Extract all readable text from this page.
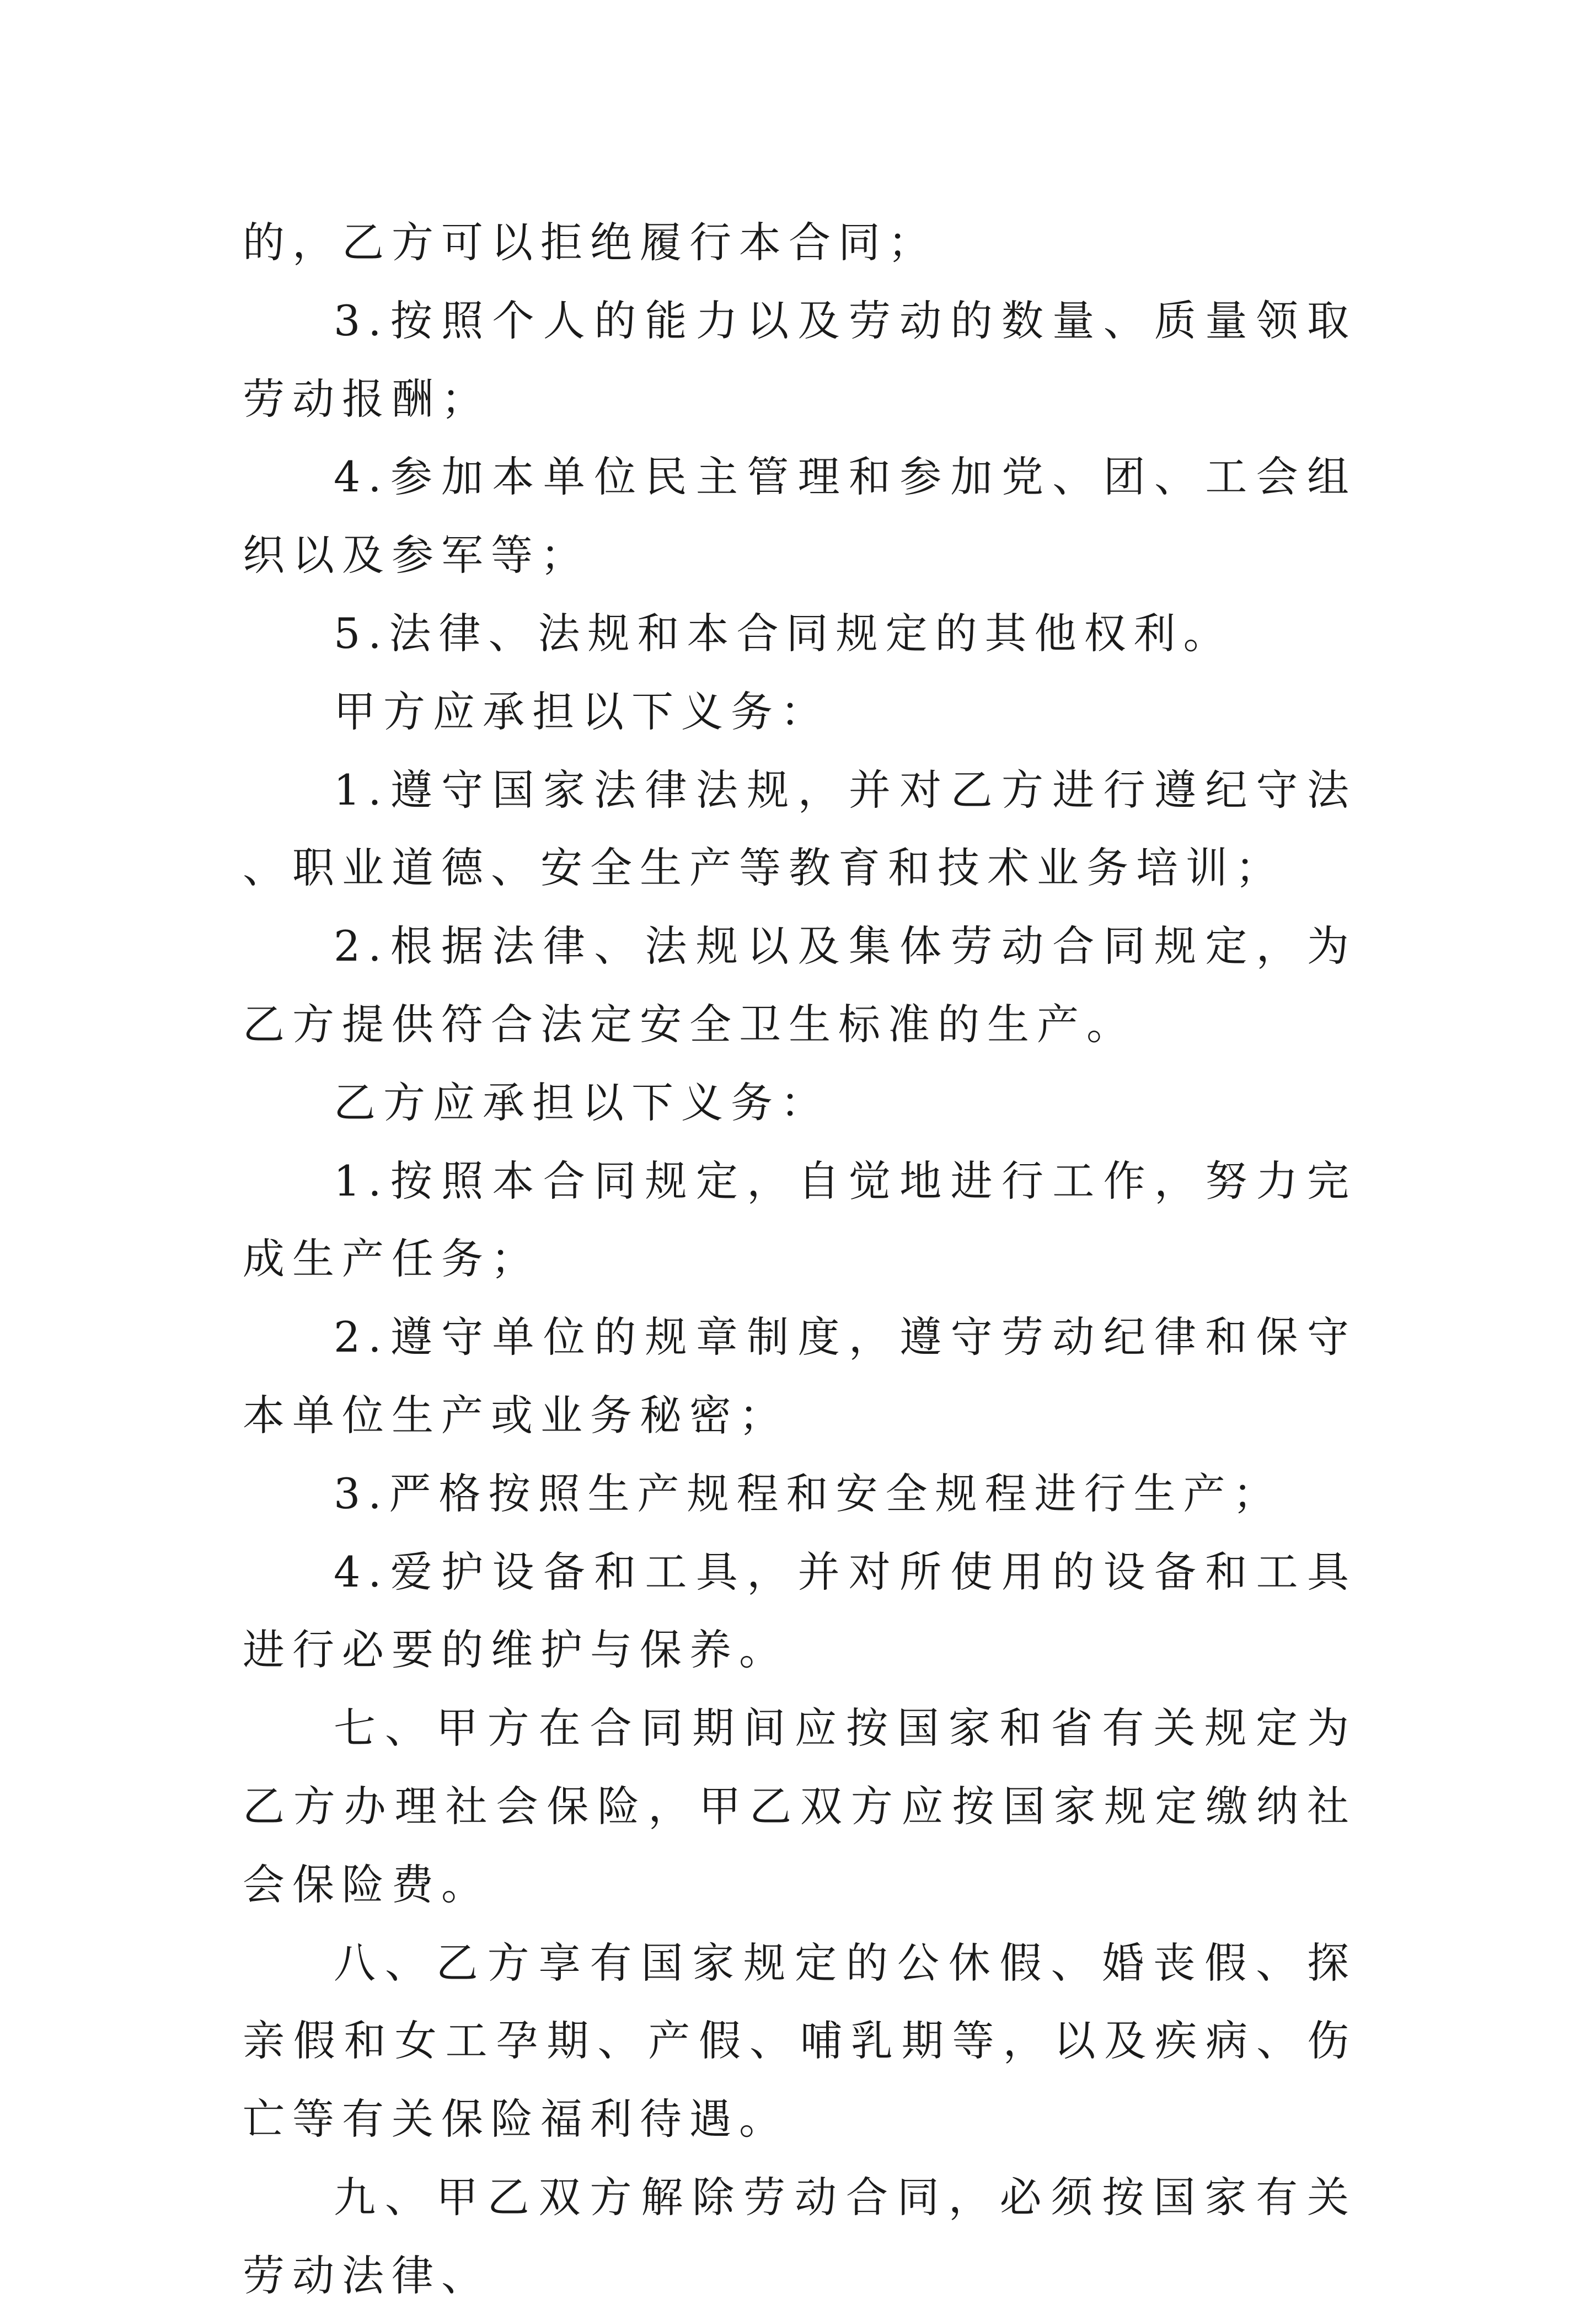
的，乙方可以拒绝履行本合同；

3.按照个人的能力以及劳动的数量、质量领取劳动报酬；

4.参加本单位民主管理和参加党、团、工会组织以及参军等；

5.法律、法规和本合同规定的其他权利。

甲方应承担以下义务：

1.遵守国家法律法规，并对乙方进行遵纪守法、职业道德、安全生产等教育和技术业务培训；

2.根据法律、法规以及集体劳动合同规定，为乙方提供符合法定安全卫生标准的生产。

乙方应承担以下义务：

1.按照本合同规定，自觉地进行工作，努力完成生产任务；

2.遵守单位的规章制度，遵守劳动纪律和保守本单位生产或业务秘密；

3.严格按照生产规程和安全规程进行生产；

4.爱护设备和工具，并对所使用的设备和工具进行必要的维护与保养。

七、甲方在合同期间应按国家和省有关规定为乙方办理社会保险，甲乙双方应按国家规定缴纳社会保险费。

八、乙方享有国家规定的公休假、婚丧假、探亲假和女工孕期、产假、哺乳期等，以及疾病、伤亡等有关保险福利待遇。

九、甲乙双方解除劳动合同，必须按国家有关劳动法律、
